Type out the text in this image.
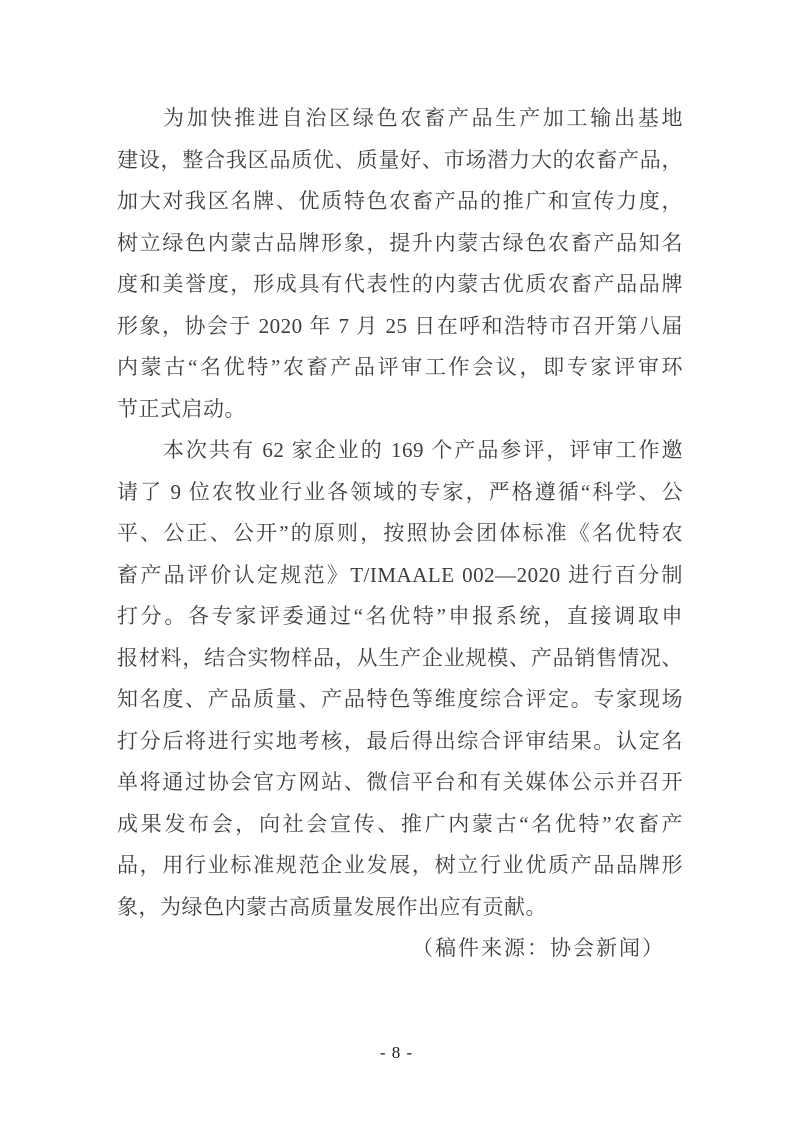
为加快推进自治区绿色农畜产品生产加工输出基地
建设，整合我区品质优、质量好、市场潜力大的农畜产品，
加大对我区名牌、优质特色农畜产品的推广和宣传力度，
树立绿色内蒙古品牌形象，提升内蒙古绿色农畜产品知名
度和美誉度，形成具有代表性的内蒙古优质农畜产品品牌
形象，协会于 2020 年 7 月 25 日在呼和浩特市召开第八届
内蒙古“名优特”农畜产品评审工作会议，即专家评审环
节正式启动。
本次共有 62 家企业的 169 个产品参评，评审工作邀
请了 9 位农牧业行业各领域的专家，严格遵循“科学、公
平、公正、公开”的原则，按照协会团体标准《名优特农
畜产品评价认定规范》T/IMAALE 002—2020 进行百分制
打分。各专家评委通过“名优特”申报系统，直接调取申
报材料，结合实物样品，从生产企业规模、产品销售情况、
知名度、产品质量、产品特色等维度综合评定。专家现场
打分后将进行实地考核，最后得出综合评审结果。认定名
单将通过协会官方网站、微信平台和有关媒体公示并召开
成果发布会，向社会宣传、推广内蒙古“名优特”农畜产
品，用行业标准规范企业发展，树立行业优质产品品牌形
象，为绿色内蒙古高质量发展作出应有贡献。
（稿件来源：协会新闻）
- 8 -
